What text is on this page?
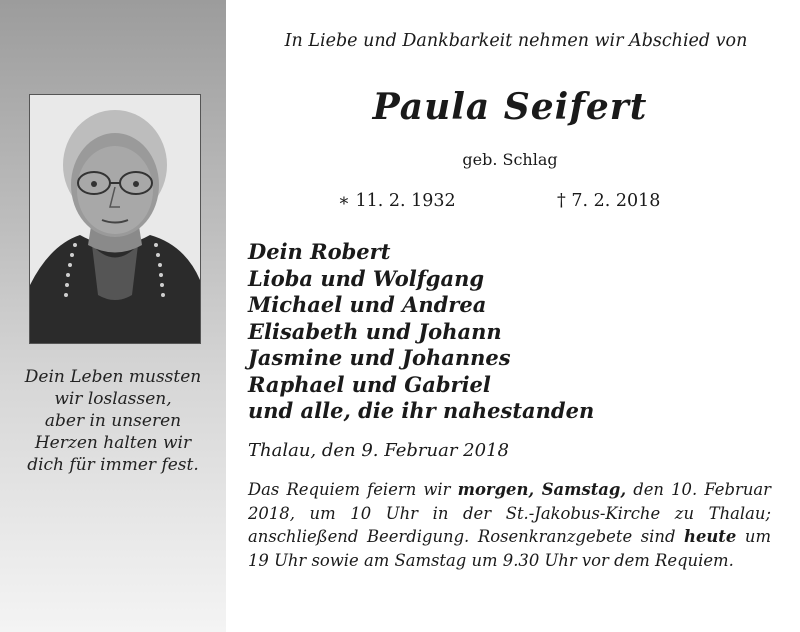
Dein Leben mussten
wir loslassen,
aber in unseren
Herzen halten wir
dich für immer fest.
In Liebe und Dankbarkeit nehmen wir Abschied von
Paula Seifert
geb. Schlag
∗ 11. 2. 1932	† 7. 2. 2018
Dein Robert
Lioba und Wolfgang
Michael und Andrea
Elisabeth und Johann
Jasmine und Johannes
Raphael und Gabriel
und alle, die ihr nahestanden
Thalau, den 9. Februar 2018
Das Requiem feiern wir morgen, Samstag, den 10. Februar 2018, um 10 Uhr in der St.-Jakobus-Kirche zu Thalau; anschließend Beerdigung. Rosenkranzgebete sind heute um 19 Uhr sowie am Samstag um 9.30 Uhr vor dem Requiem.
